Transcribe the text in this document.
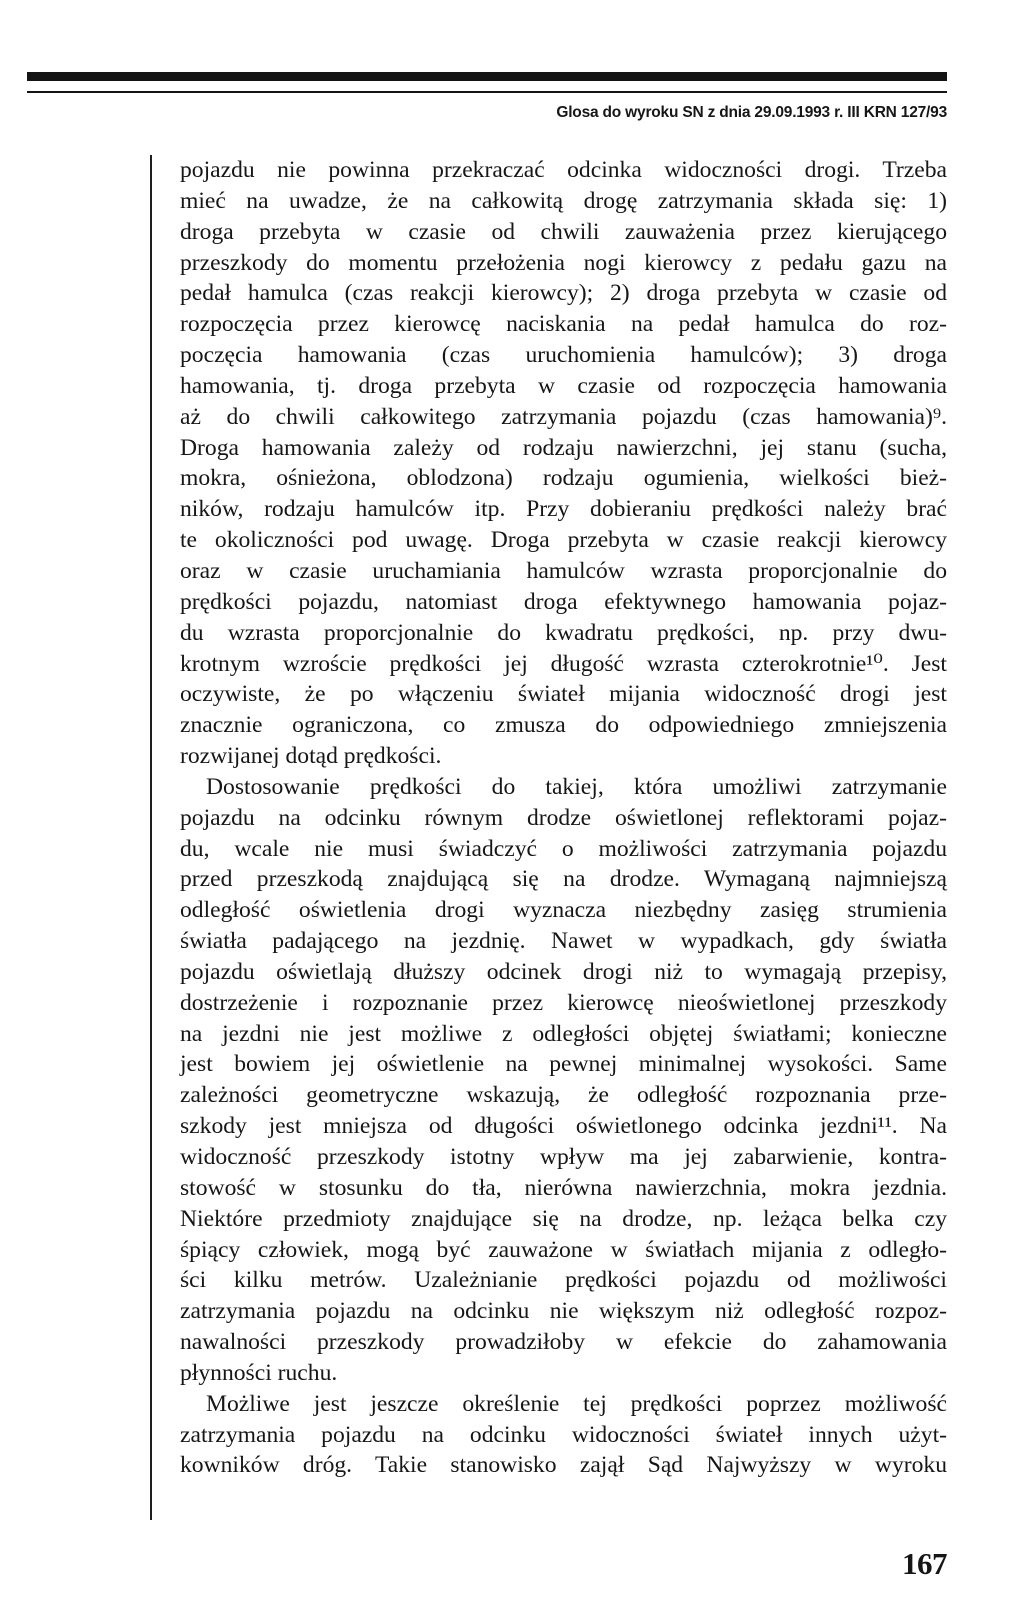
Glosa do wyroku SN z dnia 29.09.1993 r. III KRN 127/93
pojazdu nie powinna przekraczać odcinka widoczności drogi. Trzeba
mieć na uwadze, że na całkowitą drogę zatrzymania składa się: 1)
droga przebyta w czasie od chwili zauważenia przez kierującego
przeszkody do momentu przełożenia nogi kierowcy z pedału gazu na
pedał hamulca (czas reakcji kierowcy); 2) droga przebyta w czasie od
rozpoczęcia przez kierowcę naciskania na pedał hamulca do roz-
poczęcia hamowania (czas uruchomienia hamulców); 3) droga
hamowania, tj. droga przebyta w czasie od rozpoczęcia hamowania
aż do chwili całkowitego zatrzymania pojazdu (czas hamowania)⁹.
Droga hamowania zależy od rodzaju nawierzchni, jej stanu (sucha,
mokra, ośnieżona, oblodzona) rodzaju ogumienia, wielkości bież-
ników, rodzaju hamulców itp. Przy dobieraniu prędkości należy brać
te okoliczności pod uwagę. Droga przebyta w czasie reakcji kierowcy
oraz w czasie uruchamiania hamulców wzrasta proporcjonalnie do
prędkości pojazdu, natomiast droga efektywnego hamowania pojaz-
du wzrasta proporcjonalnie do kwadratu prędkości, np. przy dwu-
krotnym wzroście prędkości jej długość wzrasta czterokrotnie¹⁰. Jest
oczywiste, że po włączeniu świateł mijania widoczność drogi jest
znacznie ograniczona, co zmusza do odpowiedniego zmniejszenia
rozwijanej dotąd prędkości.
Dostosowanie prędkości do takiej, która umożliwi zatrzymanie
pojazdu na odcinku równym drodze oświetlonej reflektorami pojaz-
du, wcale nie musi świadczyć o możliwości zatrzymania pojazdu
przed przeszkodą znajdującą się na drodze. Wymaganą najmniejszą
odległość oświetlenia drogi wyznacza niezbędny zasięg strumienia
światła padającego na jezdnię. Nawet w wypadkach, gdy światła
pojazdu oświetlają dłuższy odcinek drogi niż to wymagają przepisy,
dostrzeżenie i rozpoznanie przez kierowcę nieoświetlonej przeszkody
na jezdni nie jest możliwe z odległości objętej światłami; konieczne
jest bowiem jej oświetlenie na pewnej minimalnej wysokości. Same
zależności geometryczne wskazują, że odległość rozpoznania prze-
szkody jest mniejsza od długości oświetlonego odcinka jezdni¹¹. Na
widoczność przeszkody istotny wpływ ma jej zabarwienie, kontra-
stowość w stosunku do tła, nierówna nawierzchnia, mokra jezdnia.
Niektóre przedmioty znajdujące się na drodze, np. leżąca belka czy
śpiący człowiek, mogą być zauważone w światłach mijania z odległo-
ści kilku metrów. Uzależnianie prędkości pojazdu od możliwości
zatrzymania pojazdu na odcinku nie większym niż odległość rozpoz-
nawalności przeszkody prowadziłoby w efekcie do zahamowania
płynności ruchu.
Możliwe jest jeszcze określenie tej prędkości poprzez możliwość
zatrzymania pojazdu na odcinku widoczności świateł innych użyt-
kowników dróg. Takie stanowisko zajął Sąd Najwyższy w wyroku
167
